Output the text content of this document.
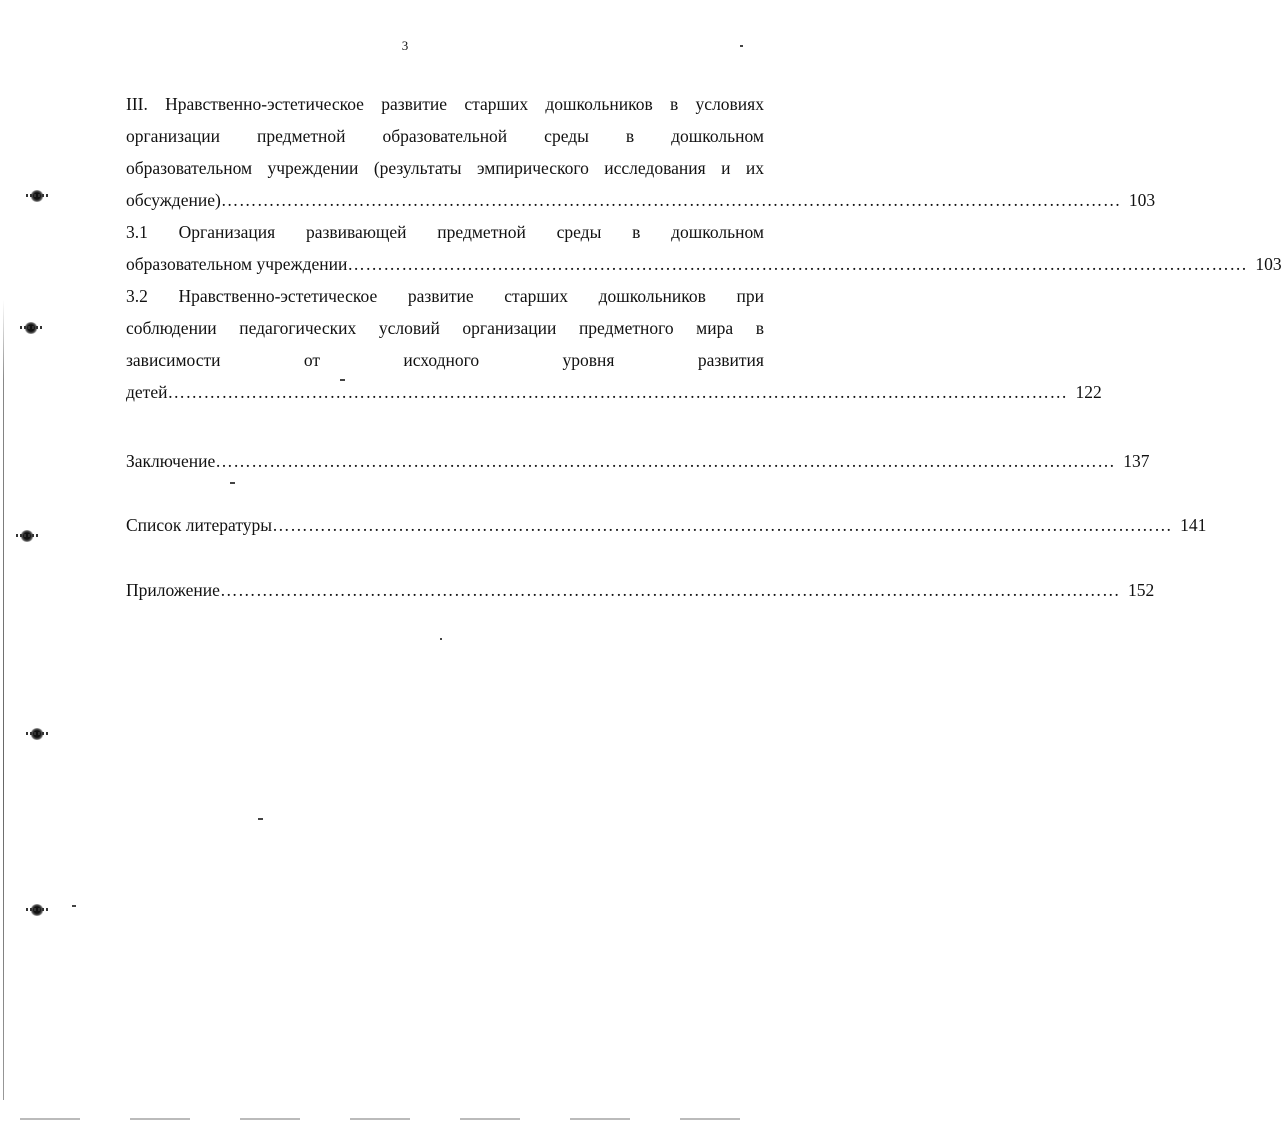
3
III. Нравственно-эстетическое развитие старших дошкольников в условиях
организации предметной образовательной среды в дошкольном
образовательном учреждении (результаты эмпирического исследования и их
обсуждение) …………………………………………………………………………………………………………………………………… 103
3.1 Организация развивающей предметной среды в дошкольном
образовательном учреждении …………………………………………………………………………………………………………………………………… 103
3.2 Нравственно-эстетическое развитие старших дошкольников при
соблюдении педагогических условий организации предметного мира в
зависимости	от	исходного	уровня	развития
детей …………………………………………………………………………………………………………………………………… 122
Заключение …………………………………………………………………………………………………………………………………… 137
Список литературы …………………………………………………………………………………………………………………………………… 141
Приложение …………………………………………………………………………………………………………………………………… 152
